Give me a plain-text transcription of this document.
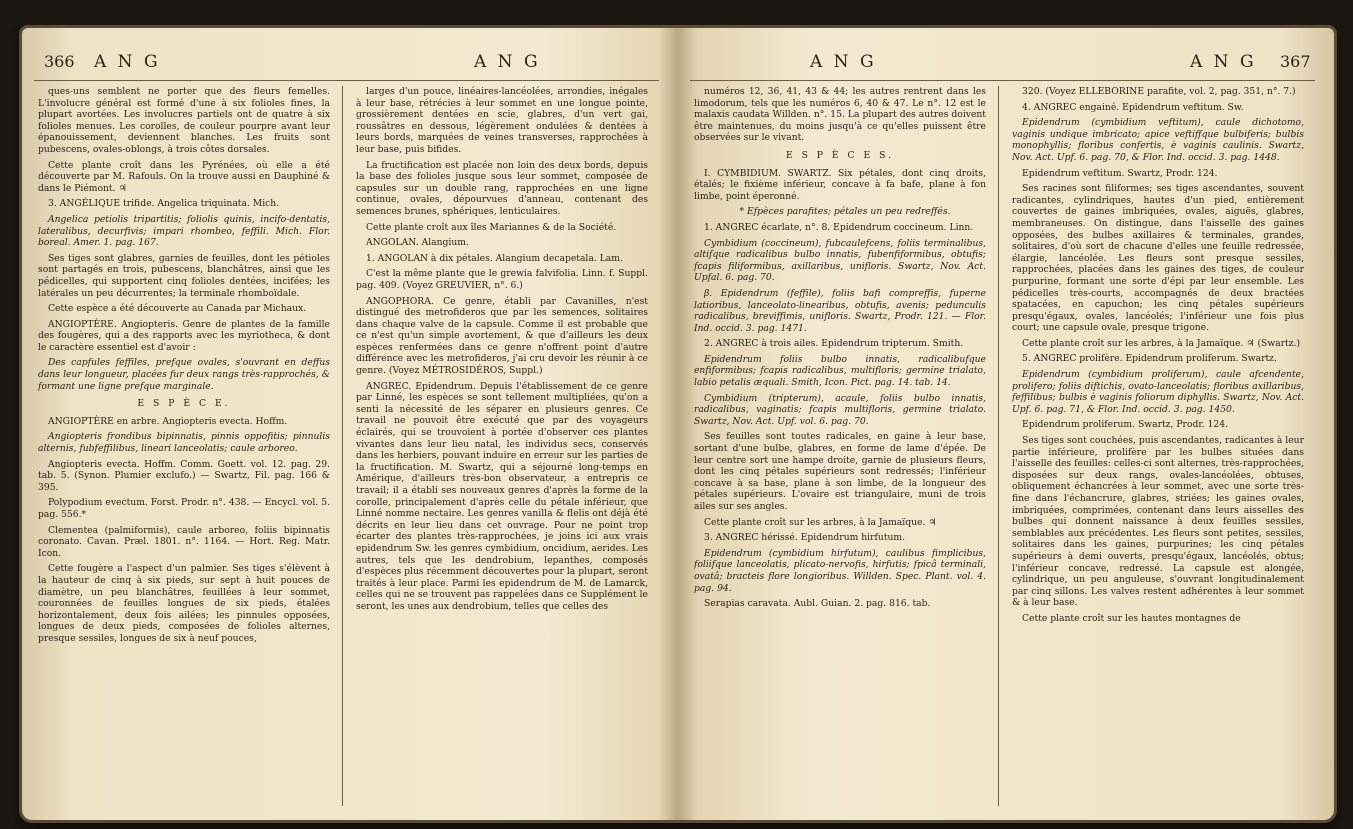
366 A N G	A N G

ques-uns semblent ne porter que des fleurs femelles. L'involucre général est formé d'une à six folioles fines, la plupart avortées. Les involucres partiels ont de quatre à six folioles menues. Les corolles, de couleur pourpre avant leur épanouissement, deviennent blanches. Les fruits sont pubescens, ovales-oblongs, à trois côtes dorsales.

Cette plante croît dans les Pyrénées, où elle a été découverte par M. Rafouls. On la trouve aussi en Dauphiné & dans le Piémont. ♃

3. ANGÉLIQUE trifide. Angelica triquinata. Mich.

Angelica petiolis tripartitis; foliolis quinis, incifo-dentatis, lateralibus, decurfivis; impari rhombeo, feffili. Mich. Flor. boreal. Amer. 1. pag. 167.

Ses tiges sont glabres, garnies de feuilles, dont les pétioles sont partagés en trois, pubescens, blanchâtres, ainsi que les pédicelles, qui supportent cinq folioles dentées, incifées; les latérales un peu décurrentes; la terminale rhomboïdale.

Cette espèce a été découverte au Canada par Michaux.

ANGIOPTÈRE. Angiopteris. Genre de plantes de la famille des fougères, qui a des rapports avec les myriotheca, & dont le caractère essentiel est d'avoir :

Des capfules feffiles, prefque ovales, s'ouvrant en deffus dans leur longueur, placées fur deux rangs très-rapprochés, & formant une ligne prefque marginale.

E S P È C E.

ANGIOPTÈRE en arbre. Angiopteris evecta. Hoffm.

Angiopteris frondibus bipinnatis, pinnis oppofitis; pinnulis alternis, fubfeffilibus, lineari lanceolatis; caule arboreo.

Angiopteris evecta. Hoffm. Comm. Goett. vol. 12. pag. 29. tab. 5. (Synon. Plumier exclufo.) — Swartz, Fil. pag. 166 & 395.

Polypodium evectum. Forst. Prodr. n°. 438. — Encycl. vol. 5. pag. 556.*

Clementea (palmiformis), caule arboreo, foliis bipinnatis coronato. Cavan. Præl. 1801. n°. 1164. — Hort. Reg. Matr. Icon.

Cette fougère a l'aspect d'un palmier. Ses tiges s'élèvent à la hauteur de cinq à six pieds, sur sept à huit pouces de diamètre, un peu blanchâtres, feuillées à leur sommet, couronnées de feuilles longues de six pieds, étalées horizontalement, deux fois ailées; les pinnules opposées, longues de deux pieds, composées de folioles alternes, presque sessiles, longues de six à neuf pouces,

larges d'un pouce, linéaires-lancéolées, arrondies, inégales à leur base, rétrécies à leur sommet en une longue pointe, grossièrement dentées en scie, glabres, d'un vert gai, roussâtres en dessous, légèrement ondulées & dentées à leurs bords, marquées de veines transverses, rapprochées à leur base, puis bifides.

La fructification est placée non loin des deux bords, depuis la base des folioles jusque sous leur sommet, composée de capsules sur un double rang, rapprochées en une ligne continue, ovales, dépourvues d'anneau, contenant des semences brunes, sphériques, lenticulaires.

Cette plante croît aux îles Mariannes & de la Société.

ANGOLAN. Alangium.

1. ANGOLAN à dix pétales. Alangium decapetala. Lam.

C'est la même plante que le grewia falvifolia. Linn. f. Suppl. pag. 409. (Voyez GREUVIER, n°. 6.)

ANGOPHORA. Ce genre, établi par Cavanilles, n'est distingué des metrofideros que par les semences, solitaires dans chaque valve de la capsule. Comme il est probable que ce n'est qu'un simple avortement, & que d'ailleurs les deux espèces renfermées dans ce genre n'offrent point d'autre différence avec les metrofideros, j'ai cru devoir les réunir à ce genre. (Voyez MÉTROSIDÉROS, Suppl.)

ANGREC. Epidendrum. Depuis l'établissement de ce genre par Linné, les espèces se sont tellement multipliées, qu'on a senti la nécessité de les séparer en plusieurs genres. Ce travail ne pouvoit être exécuté que par des voyageurs éclairés, qui se trouvoient à portée d'observer ces plantes vivantes dans leur lieu natal, les individus secs, conservés dans les herbiers, pouvant induire en erreur sur les parties de la fructification. M. Swartz, qui a séjourné long-temps en Amérique, d'ailleurs très-bon observateur, a entrepris ce travail; il a établi ses nouveaux genres d'après la forme de la corolle, principalement d'après celle du pétale inférieur, que Linné nomme nectaire. Les genres vanilla & flelis ont déjà été décrits en leur lieu dans cet ouvrage. Pour ne point trop écarter des plantes très-rapprochées, je joins ici aux vrais epidendrum Sw. les genres cymbidium, oncidium, aerides. Les autres, tels que les dendrobium, lepanthes, composés d'espèces plus récemment découvertes pour la plupart, seront traités à leur place. Parmi les epidendrum de M. de Lamarck, celles qui ne se trouvent pas rappelées dans ce Supplément le seront, les unes aux dendrobium, telles que celles des

A N G	A N G 367

numéros 12, 36, 41, 43 & 44; les autres rentrent dans les limodorum, tels que les numéros 6, 40 & 47. Le n°. 12 est le malaxis caudata Willden. n°. 15. La plupart des autres doivent être maintenues, du moins jusqu'à ce qu'elles puissent être observées sur le vivant.

E S P È C E S.

I. CYMBIDIUM. SWARTZ. Six pétales, dont cinq droits, étalés; le fixième inférieur, concave à fa bafe, plane à fon limbe, point éperonné.

* Efpèces parafites; pétales un peu redreffés.

1. ANGREC écarlate, n°. 8. Epidendrum coccineum. Linn.

Cymbidium (coccineum), fubcaulefcens, foliis terminalibus, altifque radicalibus bulbo innatis, fubenfiformibus, obtufis; fcapis filiformibus, axillaribus, unifloris. Swartz, Nov. Act. Upfal. 6. pag. 70.

β. Epidendrum (feffile), foliis bafi compreffis, fuperne latioribus, lanceolato-linearibus, obtufis, avenis; pedunculis radicalibus, breviffimis, unifloris. Swartz, Prodr. 121. — Flor. Ind. occid. 3. pag. 1471.

2. ANGREC à trois ailes. Epidendrum tripterum. Smith.

Epidendrum foliis bulbo innatis, radicalibufque enfiformibus; fcapis radicalibus, multifloris; germine trialato, labio petalis æquali. Smith, Icon. Pict. pag. 14. tab. 14.

Cymbidium (tripterum), acaule, foliis bulbo innatis, radicalibus, vaginatis; fcapis multifloris, germine trialato. Swartz, Nov. Act. Upf. vol. 6. pag. 70.

Ses feuilles sont toutes radicales, en gaine à leur base, sortant d'une bulbe, glabres, en forme de lame d'épée. De leur centre sort une hampe droite, garnie de plusieurs fleurs, dont les cinq pétales supérieurs sont redressés; l'inférieur concave à sa base, plane à son limbe, de la longueur des pétales supérieurs. L'ovaire est triangulaire, muni de trois ailes sur ses angles.

Cette plante croît sur les arbres, à la Jamaïque. ♃

3. ANGREC hérissé. Epidendrum hirfutum.

Epidendrum (cymbidium hirfutum), caulibus fimplicibus, foliifque lanceolatis, plicato-nervofis, hirfutis; fpicâ terminali, ovatâ; bracteis flore longioribus. Willden. Spec. Plant. vol. 4. pag. 94.

Serapias caravata. Aubl. Guian. 2. pag. 816. tab.

320. (Voyez ELLÉBORINE parafite, vol. 2, pag. 351, n°. 7.)

4. ANGREC engainé. Epidendrum veftitum. Sw.

Epidendrum (cymbidium veftitum), caule dichotomo, vaginis undique imbricato; apice veftiffque bulbiferis; bulbis monophyllis; floribus confertis, è vaginis caulinis. Swartz, Nov. Act. Upf. 6. pag. 70, & Flor. Ind. occid. 3. pag. 1448.

Epidendrum veftitum. Swartz, Prodr. 124.

Ses racines sont filiformes; ses tiges ascendantes, souvent radicantes, cylindriques, hautes d'un pied, entièrement couvertes de gaines imbriquées, ovales, aiguës, glabres, membraneuses. On distingue, dans l'aisselle des gaines opposées, des bulbes axillaires & terminales, grandes, solitaires, d'où sort de chacune d'elles une feuille redressée, élargie, lancéolée. Les fleurs sont presque sessiles, rapprochées, placées dans les gaines des tiges, de couleur purpurine, formant une sorte d'épi par leur ensemble. Les pédicelles très-courts, accompagnés de deux bractées spatacées, en capuchon; les cinq pétales supérieurs presqu'égaux, ovales, lancéolés; l'inférieur une fois plus court; une capsule ovale, presque trigone.

Cette plante croît sur les arbres, à la Jamaïque. ♃ (Swartz.)

5. ANGREC prolifère. Epidendrum proliferum. Swartz.

Epidendrum (cymbidium proliferum), caule afcendente, prolifero; foliis diftichis, ovato-lanceolatis; floribus axillaribus, feffilibus; bulbis è vaginis foliorum diphyllis. Swartz, Nov. Act. Upf. 6. pag. 71, & Flor. Ind. occid. 3. pag. 1450.

Epidendrum proliferum. Swartz, Prodr. 124.

Ses tiges sont couchées, puis ascendantes, radicantes à leur partie inférieure, prolifère par les bulbes situées dans l'aisselle des feuilles: celles-ci sont alternes, très-rapprochées, disposées sur deux rangs, ovales-lancéolées, obtuses, obliquement échancrées à leur sommet, avec une sorte très-fine dans l'échancrure, glabres, striées; les gaines ovales, imbriquées, comprimées, contenant dans leurs aisselles des bulbes qui donnent naissance à deux feuilles sessiles, semblables aux précédentes. Les fleurs sont petites, sessiles, solitaires dans les gaines, purpurines; les cinq pétales supérieurs à demi ouverts, presqu'égaux, lancéolés, obtus; l'inférieur concave, redressé. La capsule est alongée, cylindrique, un peu anguleuse, s'ouvrant longitudinalement par cinq sillons. Les valves restent adhérentes à leur sommet & à leur base.

Cette plante croît sur les hautes montagnes de
